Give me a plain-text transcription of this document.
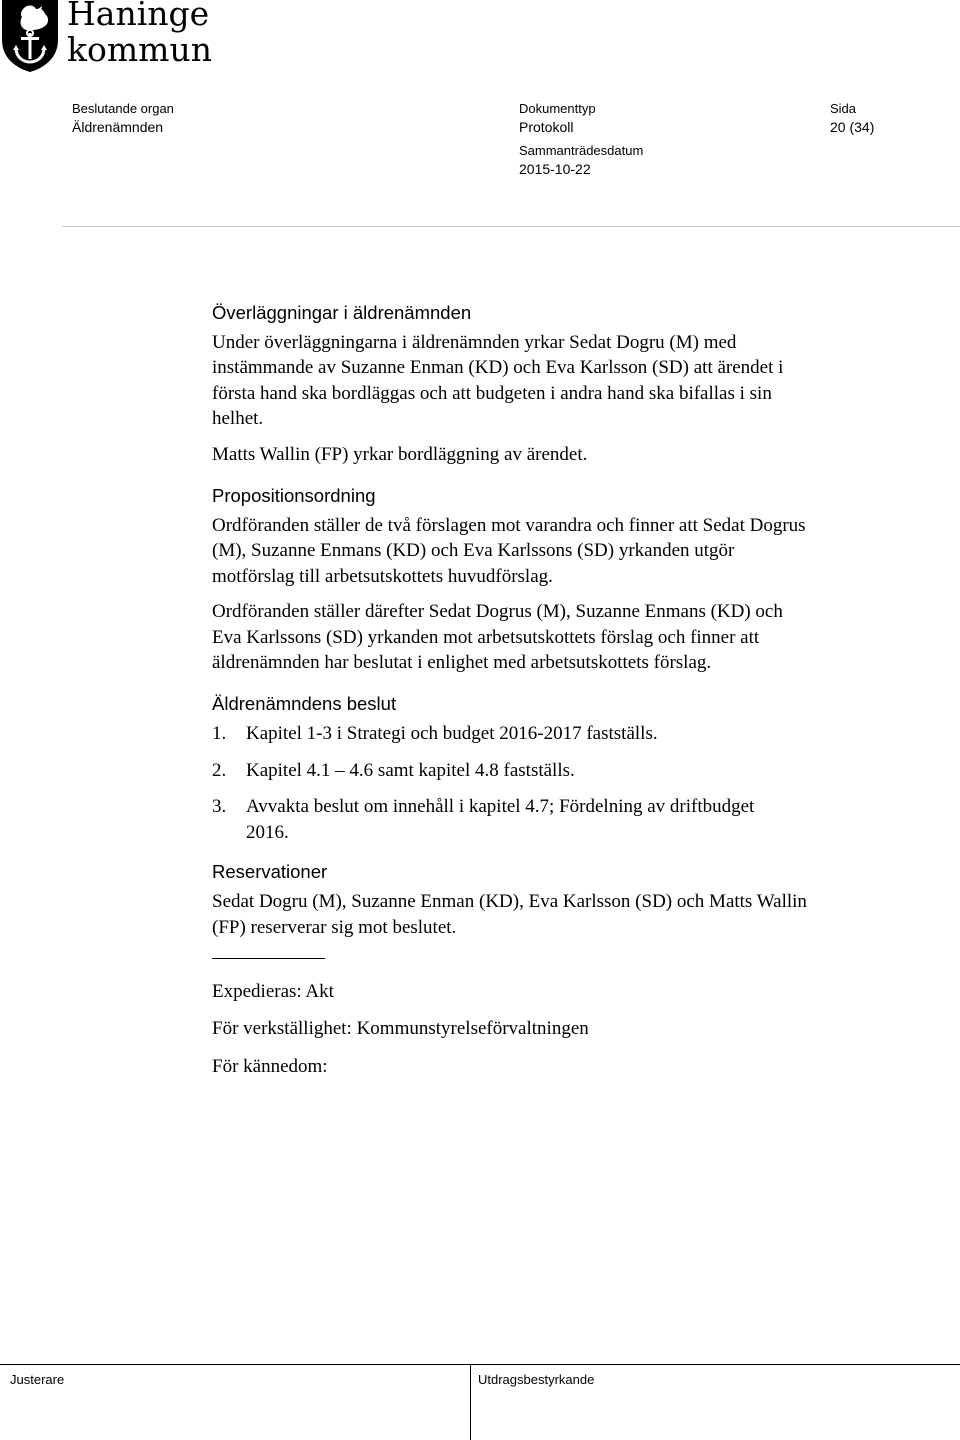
Haninge
kommun
Beslutande organ
Äldrenämnden
Dokumenttyp
Protokoll
Sammanträdesdatum
2015-10-22
Sida
20 (34)
Överläggningar i äldrenämnden

Under överläggningarna i äldrenämnden yrkar Sedat Dogru (M) med instämmande av Suzanne Enman (KD) och Eva Karlsson (SD) att ärendet i första hand ska bordläggas och att budgeten i andra hand ska bifallas i sin helhet.

Matts Wallin (FP) yrkar bordläggning av ärendet.

Propositionsordning

Ordföranden ställer de två förslagen mot varandra och finner att Sedat Dogrus (M), Suzanne Enmans (KD) och Eva Karlssons (SD) yrkanden utgör motförslag till arbetsutskottets huvudförslag.

Ordföranden ställer därefter Sedat Dogrus (M), Suzanne Enmans (KD) och Eva Karlssons (SD) yrkanden mot arbetsutskottets förslag och finner att äldrenämnden har beslutat i enlighet med arbetsutskottets förslag.

Äldrenämndens beslut
1.	Kapitel 1-3 i Strategi och budget 2016-2017 fastställs.
2.	Kapitel 4.1 – 4.6 samt kapitel 4.8 fastställs.
3.	Avvakta beslut om innehåll i kapitel 4.7; Fördelning av driftbudget 2016.
Reservationer

Sedat Dogru (M), Suzanne Enman (KD), Eva Karlsson (SD) och Matts Wallin (FP) reserverar sig mot beslutet.

Expedieras: Akt

För verkställighet: Kommunstyrelseförvaltningen

För kännedom:

Justerare	Utdragsbestyrkande
